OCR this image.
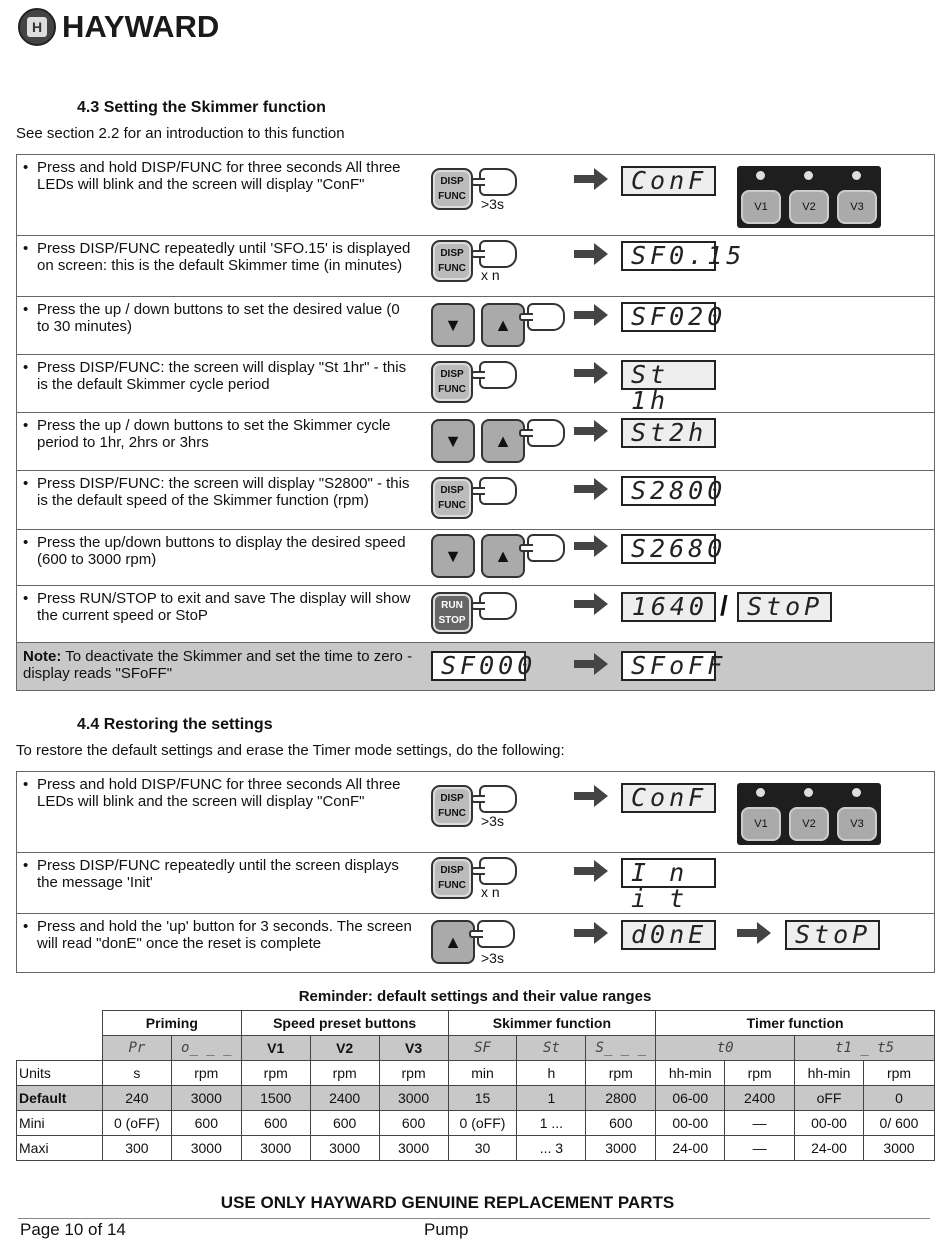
H HAYWARD
4.3 Setting the Skimmer function
See section 2.2 for an introduction to this function
• Press and hold DISP/FUNC for three seconds All three LEDs will blink and the screen will display "ConF"	DISP FUNC	>3s
ConF
V1	V2	V3

• Press DISP/FUNC repeatedly until 'SFO.15' is displayed on screen: this is the default Skimmer time (in minutes)
DISP FUNC	x n
SF0.15

• Press the up / down buttons to set the desired value (0 to 30 minutes)	▼	▲	SF020

• Press DISP/FUNC: the screen will display "St 1hr" - this is the default Skimmer cycle period
DISP FUNC
St 1h

• Press the up / down buttons to set the Skimmer cycle period to 1hr, 2hrs or 3hrs	▼	▲	St2h

• Press DISP/FUNC: the screen will display "S2800" - this is the default speed of the Skimmer function (rpm)
DISP FUNC
S2800

• Press the up/down buttons to display the desired speed (600 to 3000 rpm)	▼	▲	S2680

• Press RUN/STOP to exit and save The display will show the current speed or StoP
RUN STOP	1640 / StoP

Note: To deactivate the Skimmer and set the time to zero - display reads "SFoFF"	SF000	SFoFF
4.4 Restoring the settings
To restore the default settings and erase the Timer mode settings, do the following:
• Press and hold DISP/FUNC for three seconds All three LEDs will blink and the screen will display "ConF"	DISP FUNC	>3s
ConF
V1	V2	V3

• Press DISP/FUNC repeatedly until the screen displays the message 'Init'
DISP FUNC	x n
I n i t

• Press and hold the 'up' button for 3 seconds. The screen will read "donE" once the reset is complete	▲
>3s
d0nE	StoP
Reminder: default settings and their value ranges
	Priming		Speed preset buttons			Skimmer function			Timer function			
	Pr	o_ _ _	V1	V2	V3	SF	St	S_ _ _	t0		t1 _ t5	
Units	s	rpm	rpm	rpm	rpm	min	h	rpm	hh-min	rpm	hh-min	rpm
Default	240	3000	1500	2400	3000	15	1	2800	06-00	2400	oFF	0
Mini	0 (oFF)	600	600	600	600	0 (oFF)	1 ...	600	00-00	—	00-00	0/ 600
Maxi	300	3000	3000	3000	3000	30	... 3	3000	24-00	—	24-00	3000
USE ONLY HAYWARD GENUINE REPLACEMENT PARTS
Page 10 of 14	Pump
